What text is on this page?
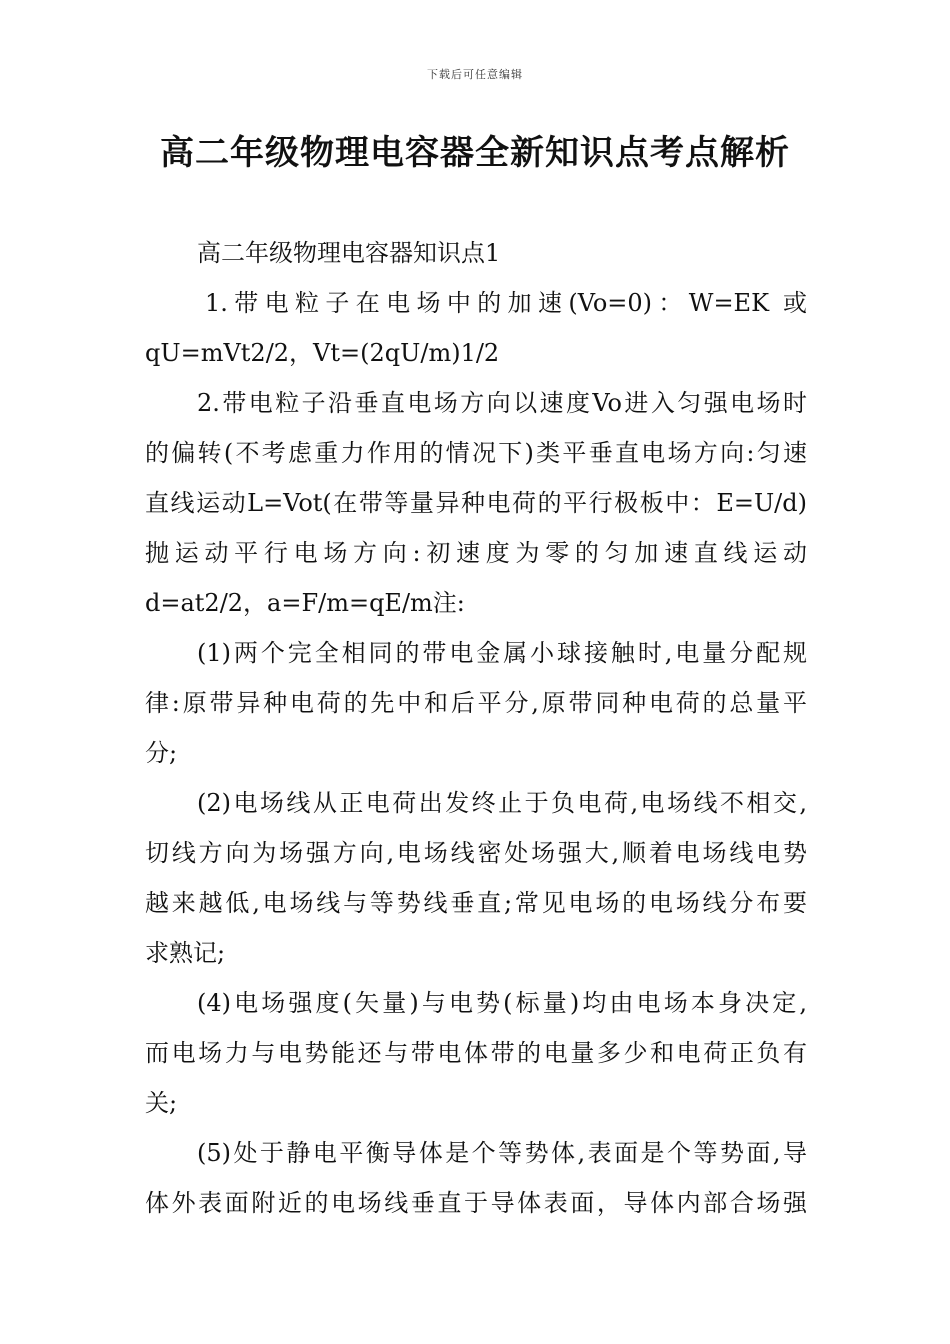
下载后可任意编辑
高二年级物理电容器全新知识点考点解析
高二年级物理电容器知识点1
1.带电粒子在电场中的加速(Vo=0)：W=EK 或
qU=mVt2/2，Vt=(2qU/m)1/2
2.带电粒子沿垂直电场方向以速度Vo进入匀强电场时
的偏转(不考虑重力作用的情况下)类平垂直电场方向:匀速
直线运动L=Vot(在带等量异种电荷的平行极板中：E=U/d)
抛运动平行电场方向:初速度为零的匀加速直线运动
d=at2/2，a=F/m=qE/m注:
(1)两个完全相同的带电金属小球接触时,电量分配规
律:原带异种电荷的先中和后平分,原带同种电荷的总量平
分;
(2)电场线从正电荷出发终止于负电荷,电场线不相交,
切线方向为场强方向,电场线密处场强大,顺着电场线电势
越来越低,电场线与等势线垂直;常见电场的电场线分布要
求熟记;
(4)电场强度(矢量)与电势(标量)均由电场本身决定,
而电场力与电势能还与带电体带的电量多少和电荷正负有
关;
(5)处于静电平衡导体是个等势体,表面是个等势面,导
体外表面附近的电场线垂直于导体表面，导体内部合场强
